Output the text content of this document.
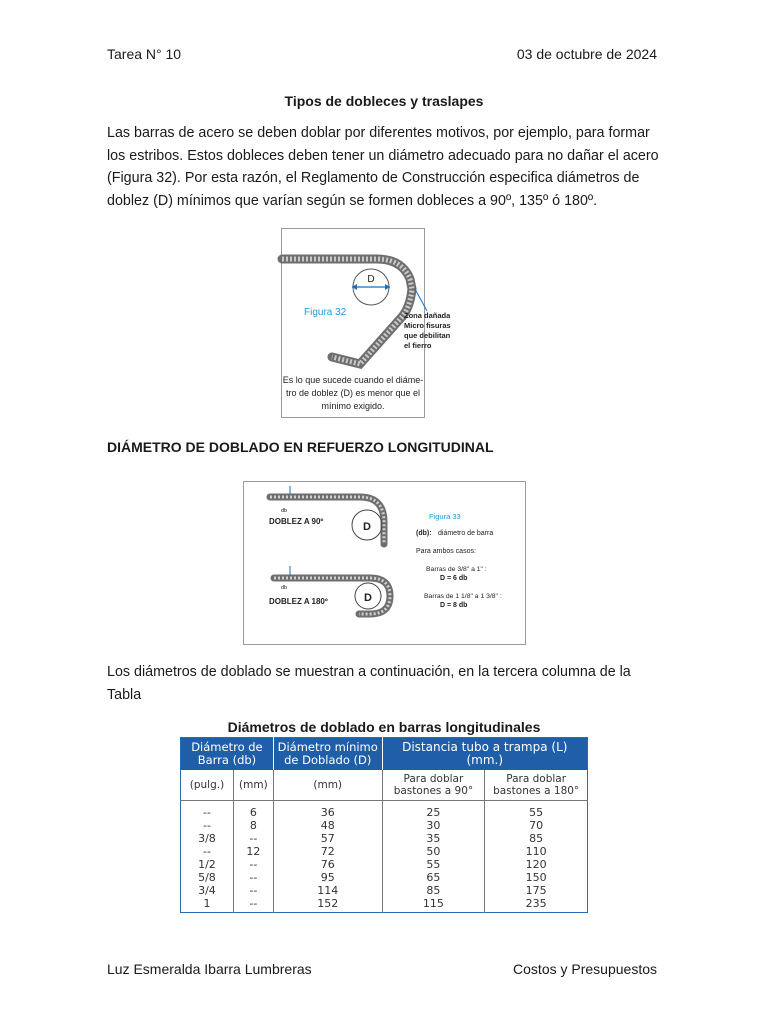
Tarea N° 10	03 de octubre de 2024
Tipos de dobleces y traslapes
Las barras de acero se deben doblar por diferentes motivos, por ejemplo, para formar los estribos. Estos dobleces deben tener un diámetro adecuado para no dañar el acero (Figura 32). Por esta razón, el Reglamento de Construcción especifica diámetros de doblez (D) mínimos que varían según se formen dobleces a 90º, 135º ó 180º.
D
Figura 32	Zona dañada
Micro fisuras
que debilitan
el fierro
Es lo que sucede cuando el diáme-
tro de doblez (D) es menor que el
mínimo exigido.
DIÁMETRO DE DOBLADO EN REFUERZO LONGITUDINAL
D
db
DOBLEZ A 90º
D
db
DOBLEZ A 180º
Figura 33
(db): diámetro de barra
Para ambos casos:
Barras de 3/8" a 1" :
D = 6 db
Barras de 1 1/8" a 1 3/8" :
D = 8 db
Los diámetros de doblado se muestran a continuación, en la tercera columna de la Tabla
Diámetros de doblado en barras longitudinales
Diámetro de Barra (db)		Diámetro mínimo de Doblado (D)	Distancia tubo a trampa (L) (mm.)	
(pulg.)	(mm)	(mm)	Para doblar bastones a 90°	Para doblar bastones a 180°
--	6	36	25	55
--	8	48	30	70
3/8	--	57	35	85
--	12	72	50	110
1/2	--	76	55	120
5/8	--	95	65	150
3/4	--	114	85	175
1	--	152	115	235
Luz Esmeralda Ibarra Lumbreras	Costos y Presupuestos
